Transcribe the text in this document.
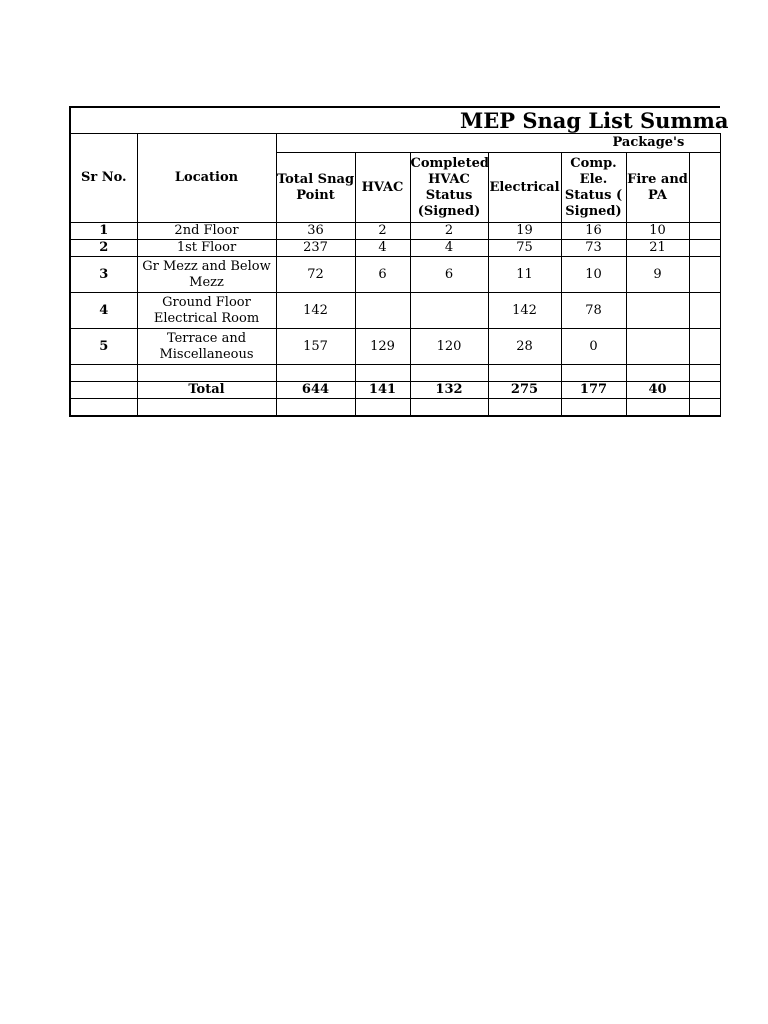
MEP Snag List Summa								
Sr No.	Location	Package's						
		Total Snag Point	HVAC	Completed HVAC Status (Signed)	Electrical	Comp. Ele. Status ( Signed)	Fire and PA	
1	2nd Floor	36	2	2	19	16	10	
2	1st Floor	237	4	4	75	73	21	
3	Gr Mezz and Below Mezz	72	6	6	11	10	9	
4	Ground Floor Electrical Room	142			142	78		
5	Terrace and Miscellaneous	157	129	120	28	0		

	Total	644	141	132	275	177	40	
